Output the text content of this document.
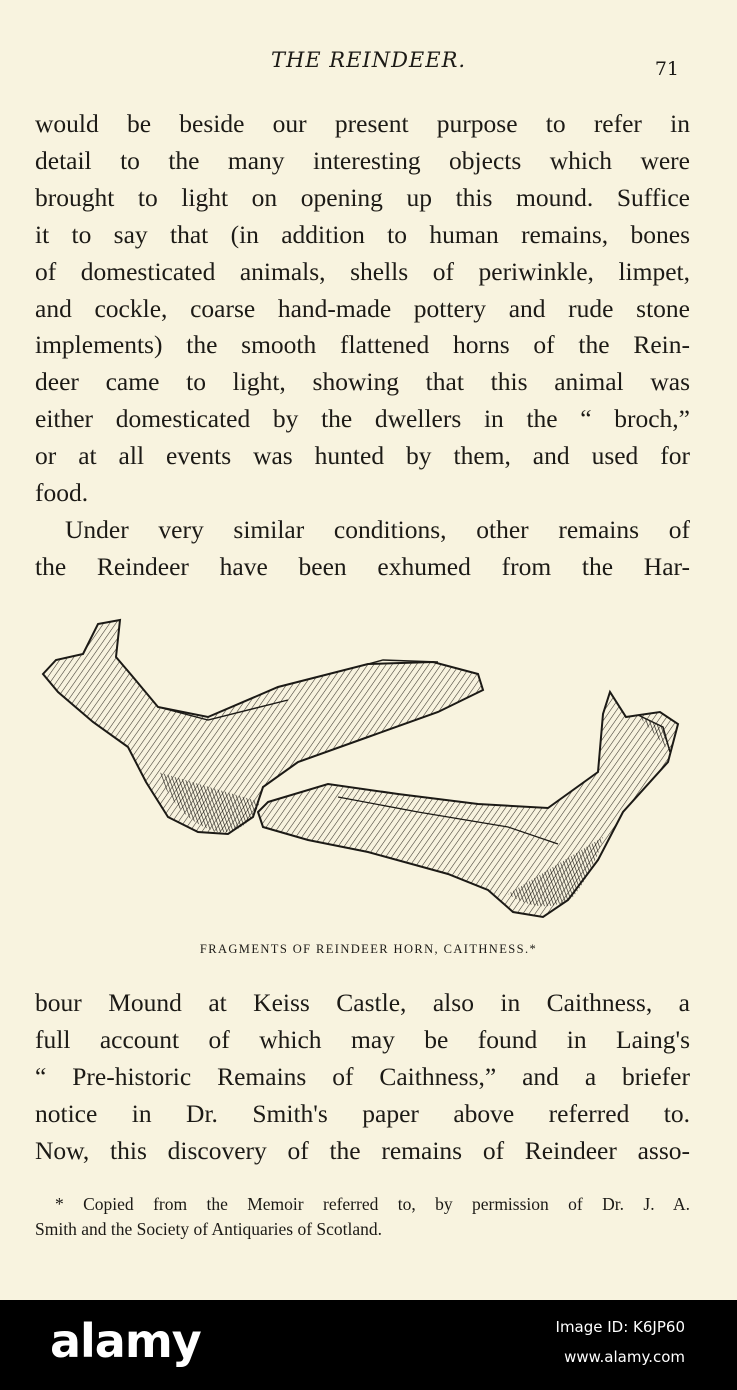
THE REINDEER.	71
would be beside our present purpose to refer in
detail to the many interesting objects which were
brought to light on opening up this mound. Suffice
it to say that (in addition to human remains, bones
of domesticated animals, shells of periwinkle, limpet,
and cockle, coarse hand-made pottery and rude stone
implements) the smooth flattened horns of the Rein-
deer came to light, showing that this animal was
either domesticated by the dwellers in the “ broch,”
or at all events was hunted by them, and used for
food.
Under very similar conditions, other remains of
the Reindeer have been exhumed from the Har-
FRAGMENTS OF REINDEER HORN, CAITHNESS.*
bour Mound at Keiss Castle, also in Caithness, a
full account of which may be found in Laing's
“ Pre-historic Remains of Caithness,” and a briefer
notice in Dr. Smith's paper above referred to.
Now, this discovery of the remains of Reindeer asso-
* Copied from the Memoir referred to, by permission of Dr. J. A.
Smith and the Society of Antiquaries of Scotland.
alamy	Image ID: K6JP60
www.alamy.com
